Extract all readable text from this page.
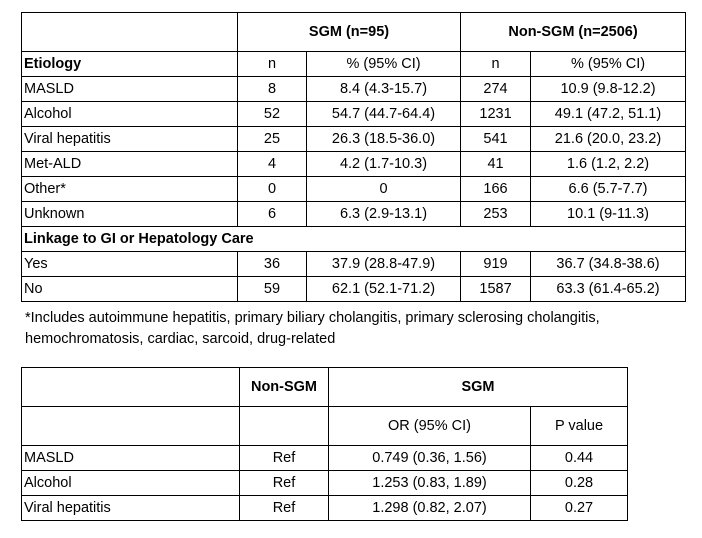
	SGM (n=95)		Non-SGM (n=2506)	
Etiology	n	% (95% CI)	n	% (95% CI)
MASLD	8	8.4 (4.3-15.7)	274	10.9 (9.8-12.2)
Alcohol	52	54.7 (44.7-64.4)	1231	49.1 (47.2, 51.1)
Viral hepatitis	25	26.3 (18.5-36.0)	541	21.6 (20.0, 23.2)
Met-ALD	4	4.2 (1.7-10.3)	41	1.6 (1.2, 2.2)
Other*	0	0	166	6.6 (5.7-7.7)
Unknown	6	6.3 (2.9-13.1)	253	10.1 (9-11.3)
Linkage to GI or Hepatology Care				
Yes	36	37.9 (28.8-47.9)	919	36.7 (34.8-38.6)
No	59	62.1 (52.1-71.2)	1587	63.3 (61.4-65.2)
*Includes autoimmune hepatitis, primary biliary cholangitis, primary sclerosing cholangitis, hemochromatosis, cardiac, sarcoid, drug-related
	Non-SGM	SGM	
		OR (95% CI)	P value
MASLD	Ref	0.749 (0.36, 1.56)	0.44
Alcohol	Ref	1.253 (0.83, 1.89)	0.28
Viral hepatitis	Ref	1.298 (0.82, 2.07)	0.27
